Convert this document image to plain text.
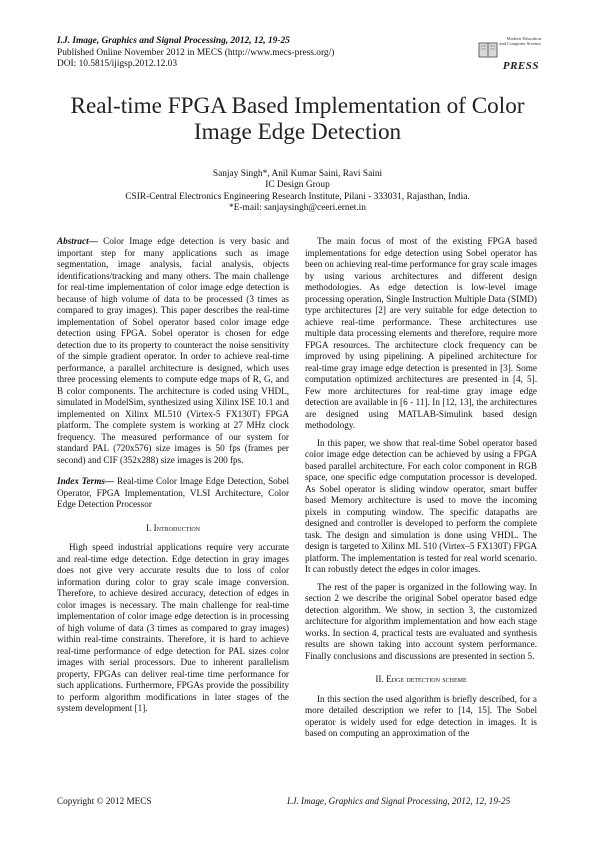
I.J. Image, Graphics and Signal Processing, 2012, 12, 19-25
Published Online November 2012 in MECS (http://www.mecs-press.org/)
DOI: 10.5815/ijigsp.2012.12.03
Modern Education
and Computer Science
PRESS
Real-time FPGA Based Implementation of Color
Image Edge Detection
Sanjay Singh*, Anil Kumar Saini, Ravi Saini
IC Design Group
CSIR-Central Electronics Engineering Research Institute, Pilani - 333031, Rajasthan, India.
*E-mail: sanjaysingh@ceeri.ernet.in

Abstract— Color Image edge detection is very basic and important step for many applications such as image segmentation, image analysis, facial analysis, objects identifications/tracking and many others. The main challenge for real-time implementation of color image edge detection is because of high volume of data to be processed (3 times as compared to gray images). This paper describes the real-time implementation of Sobel operator based color image edge detection using FPGA. Sobel operator is chosen for edge detection due to its property to counteract the noise sensitivity of the simple gradient operator. In order to achieve real-time performance, a parallel architecture is designed, which uses three processing elements to compute edge maps of R, G, and B color components. The architecture is coded using VHDL, simulated in ModelSim, synthesized using Xilinx ISE 10.1 and implemented on Xilinx ML510 (Virtex-5 FX130T) FPGA platform. The complete system is working at 27 MHz clock frequency. The measured performance of our system for standard PAL (720x576) size images is 50 fps (frames per second) and CIF (352x288) size images is 200 fps.

Index Terms— Real-time Color Image Edge Detection, Sobel Operator, FPGA Implementation, VLSI Architecture, Color Edge Detection Processor

I. Introduction

High speed industrial applications require very accurate and real-time edge detection. Edge detection in gray images does not give very accurate results due to loss of color information during color to gray scale image conversion. Therefore, to achieve desired accuracy, detection of edges in color images is necessary. The main challenge for real-time implementation of color image edge detection is in processing of high volume of data (3 times as compared to gray images) within real-time constraints. Therefore, it is hard to achieve real-time performance of edge detection for PAL sizes color images with serial processors. Due to inherent parallelism property, FPGAs can deliver real-time time performance for such applications. Furthermore, FPGAs provide the possibility to perform algorithm modifications in later stages of the system development [1].

The main focus of most of the existing FPGA based implementations for edge detection using Sobel operator has been on achieving real-time performance for gray scale images by using various architectures and different design methodologies. As edge detection is low-level image processing operation, Single Instruction Multiple Data (SIMD) type architectures [2] are very suitable for edge detection to achieve real-time performance. These architectures use multiple data processing elements and therefore, require more FPGA resources. The architecture clock frequency can be improved by using pipelining. A pipelined architecture for real-time gray image edge detection is presented in [3]. Some computation optimized architectures are presented in [4, 5]. Few more architectures for real-time gray image edge detection are available in [6 - 11]. In [12, 13], the architectures are designed using MATLAB-Simulink based design methodology.

In this paper, we show that real-time Sobel operator based color image edge detection can be achieved by using a FPGA based parallel architecture. For each color component in RGB space, one specific edge computation processor is developed. As Sobel operator is sliding window operator, smart buffer based Memory architecture is used to move the incoming pixels in computing window. The specific datapaths are designed and controller is developed to perform the complete task. The design and simulation is done using VHDL. The design is targeted to Xilinx ML 510 (Virtex–5 FX130T) FPGA platform. The implementation is tested for real world scenario. It can robustly detect the edges in color images.

The rest of the paper is organized in the following way. In section 2 we describe the original Sobel operator based edge detection algorithm. We show, in section 3, the customized architecture for algorithm implementation and how each stage works. In section 4, practical tests are evaluated and synthesis results are shown taking into account system performance. Finally conclusions and discussions are presented in section 5.

II. Edge detection scheme

In this section the used algorithm is briefly described, for a more detailed description we refer to [14, 15]. The Sobel operator is widely used for edge detection in images. It is based on computing an approximation of the

Copyright © 2012 MECS	I.J. Image, Graphics and Signal Processing, 2012, 12, 19-25
